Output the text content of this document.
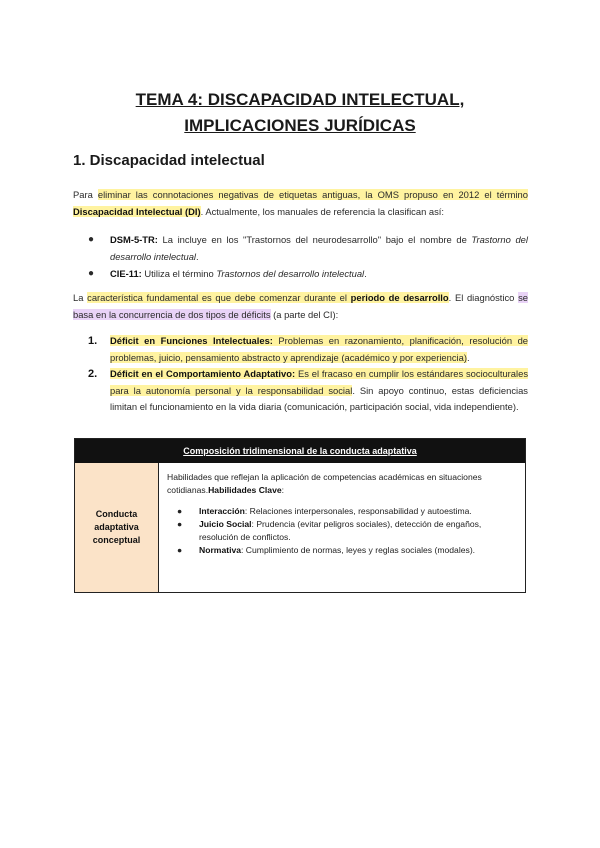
TEMA 4: DISCAPACIDAD INTELECTUAL,
IMPLICACIONES JURÍDICAS
1. Discapacidad intelectual
Para eliminar las connotaciones negativas de etiquetas antiguas, la OMS propuso en 2012 el término Discapacidad Intelectual (DI). Actualmente, los manuales de referencia la clasifican así:
● DSM-5-TR: La incluye en los "Trastornos del neurodesarrollo" bajo el nombre de Trastorno del desarrollo intelectual.
● CIE-11: Utiliza el término Trastornos del desarrollo intelectual.
La característica fundamental es que debe comenzar durante el periodo de desarrollo. El diagnóstico se basa en la concurrencia de dos tipos de déficits (a parte del CI):
1. Déficit en Funciones Intelectuales: Problemas en razonamiento, planificación, resolución de problemas, juicio, pensamiento abstracto y aprendizaje (académico y por experiencia).
2. Déficit en el Comportamiento Adaptativo: Es el fracaso en cumplir los estándares socioculturales para la autonomía personal y la responsabilidad social. Sin apoyo continuo, estas deficiencias limitan el funcionamiento en la vida diaria (comunicación, participación social, vida independiente).
Composición tridimensional de la conducta adaptativa
Conducta adaptativa conceptual
Habilidades que reflejan la aplicación de competencias académicas en situaciones cotidianas.Habilidades Clave:
● Interacción: Relaciones interpersonales, responsabilidad y autoestima.
● Juicio Social: Prudencia (evitar peligros sociales), detección de engaños, resolución de conflictos.
● Normativa: Cumplimiento de normas, leyes y reglas sociales (modales).
